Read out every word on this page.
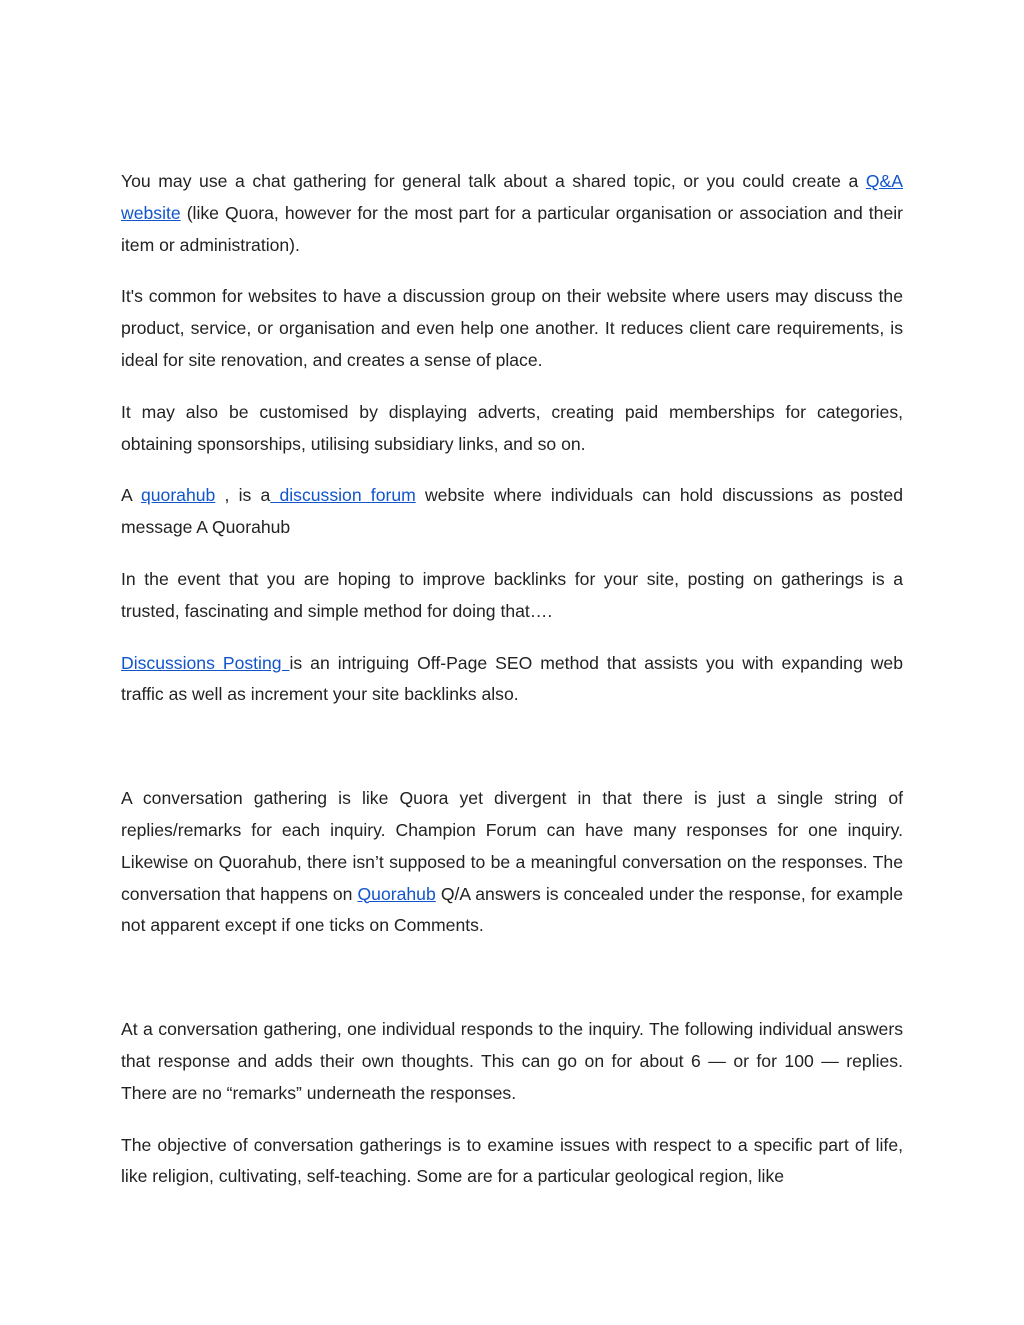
You may use a chat gathering for general talk about a shared topic, or you could create a Q&A website (like Quora, however for the most part for a particular organisation or association and their item or administration).

It's common for websites to have a discussion group on their website where users may discuss the product, service, or organisation and even help one another. It reduces client care requirements, is ideal for site renovation, and creates a sense of place.

It may also be customised by displaying adverts, creating paid memberships for categories, obtaining sponsorships, utilising subsidiary links, and so on.

A quorahub , is a discussion forum website where individuals can hold discussions as posted message A Quorahub

In the event that you are hoping to improve backlinks for your site, posting on gatherings is a trusted, fascinating and simple method for doing that….

Discussions Posting is an intriguing Off-Page SEO method that assists you with expanding web traffic as well as increment your site backlinks also.

A conversation gathering is like Quora yet divergent in that there is just a single string of replies/remarks for each inquiry. Champion Forum can have many responses for one inquiry. Likewise on Quorahub, there isn’t supposed to be a meaningful conversation on the responses. The conversation that happens on Quorahub Q/A answers is concealed under the response, for example not apparent except if one ticks on Comments.

At a conversation gathering, one individual responds to the inquiry. The following individual answers that response and adds their own thoughts. This can go on for about 6 — or for 100 — replies. There are no “remarks” underneath the responses.

The objective of conversation gatherings is to examine issues with respect to a specific part of life, like religion, cultivating, self-teaching. Some are for a particular geological region, like
